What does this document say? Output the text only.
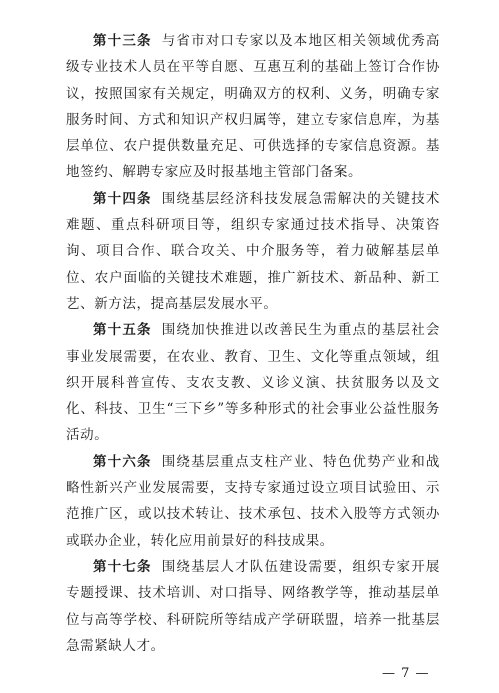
第十三条 与省市对口专家以及本地区相关领域优秀高级专业技术人员在平等自愿、互惠互利的基础上签订合作协议，按照国家有关规定，明确双方的权利、义务，明确专家服务时间、方式和知识产权归属等，建立专家信息库，为基层单位、农户提供数量充足、可供选择的专家信息资源。基地签约、解聘专家应及时报基地主管部门备案。

第十四条 围绕基层经济科技发展急需解决的关键技术难题、重点科研项目等，组织专家通过技术指导、决策咨询、项目合作、联合攻关、中介服务等，着力破解基层单位、农户面临的关键技术难题，推广新技术、新品种、新工艺、新方法，提高基层发展水平。

第十五条 围绕加快推进以改善民生为重点的基层社会事业发展需要，在农业、教育、卫生、文化等重点领域，组织开展科普宣传、支农支教、义诊义演、扶贫服务以及文化、科技、卫生“三下乡”等多种形式的社会事业公益性服务活动。

第十六条 围绕基层重点支柱产业、特色优势产业和战略性新兴产业发展需要，支持专家通过设立项目试验田、示范推广区，或以技术转让、技术承包、技术入股等方式领办或联办企业，转化应用前景好的科技成果。

第十七条 围绕基层人才队伍建设需要，组织专家开展专题授课、技术培训、对口指导、网络教学等，推动基层单位与高等学校、科研院所等结成产学研联盟，培养一批基层急需紧缺人才。

— 7 —
